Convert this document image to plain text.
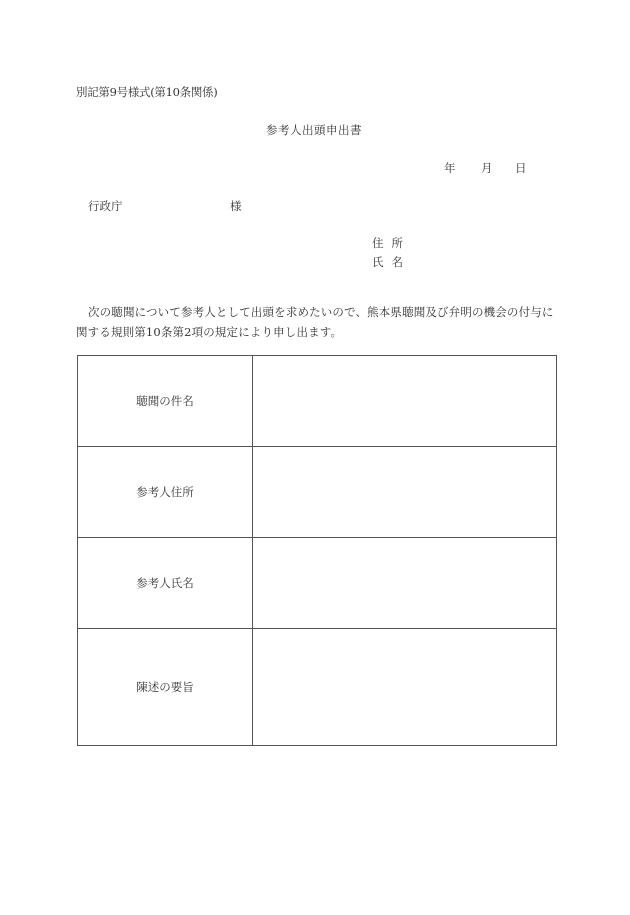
別記第9号様式(第10条関係)
参考人出頭申出書
年 月 日
行政庁	様
住所
氏名
次の聴聞について参考人として出頭を求めたいので、熊本県聴聞及び弁明の機会の付与に関する規則第10条第2項の規定により申し出ます。
聴聞の件名	

参考人住所	

参考人氏名	

陳述の要旨	
